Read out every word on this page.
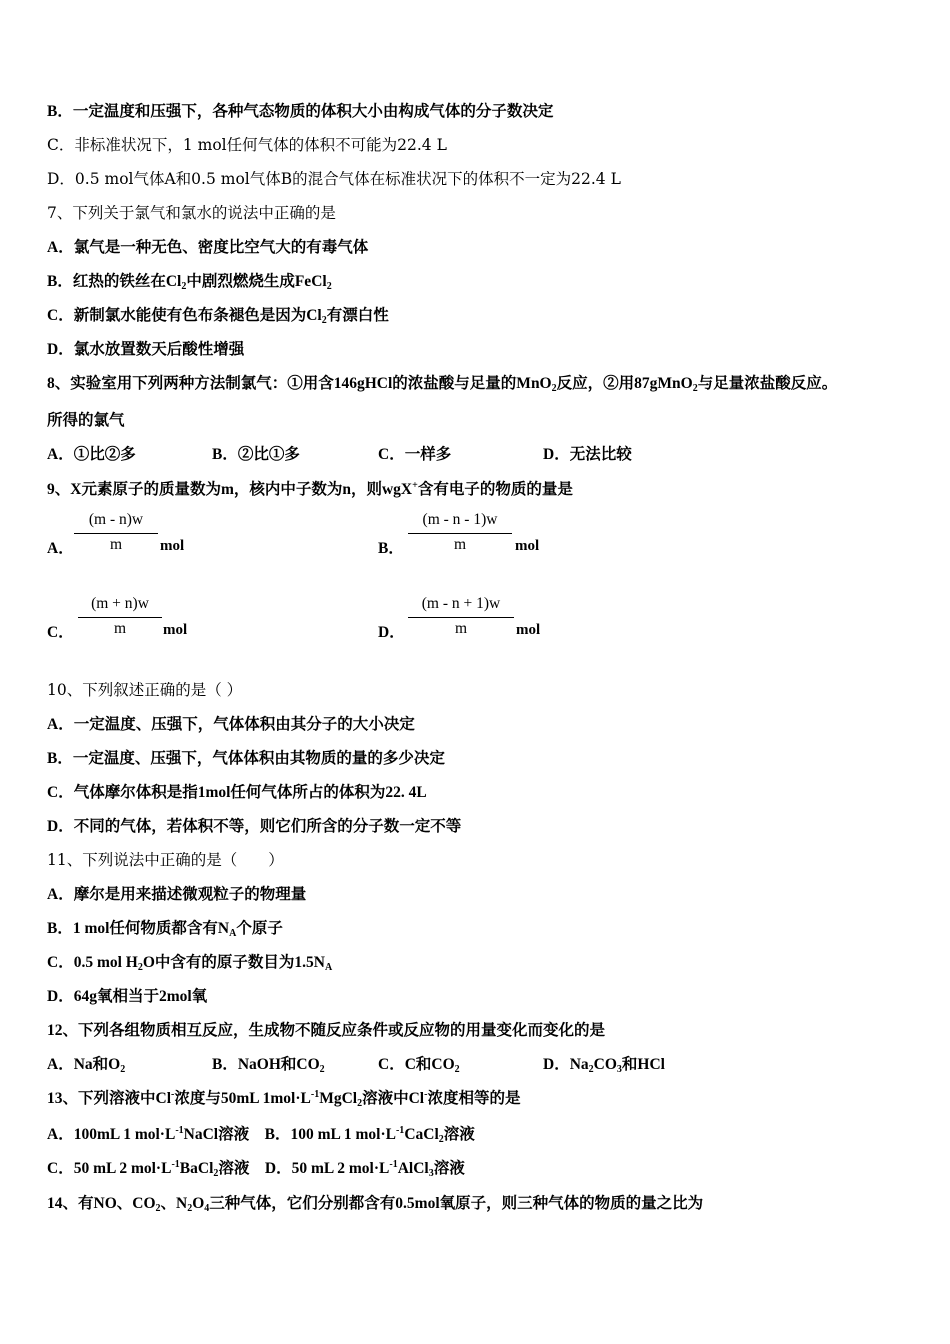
B．一定温度和压强下，各种气态物质的体积大小由构成气体的分子数决定
C．非标准状况下，1 mol任何气体的体积不可能为22.4 L
D．0.5 mol气体A和0.5 mol气体B的混合气体在标准状况下的体积不一定为22.4 L
7、下列关于氯气和氯水的说法中正确的是
A．氯气是一种无色、密度比空气大的有毒气体
B．红热的铁丝在$Cl_2$中剧烈燃烧生成FeCl$_2$
C．新制氯水能使有色布条褪色是因为$Cl_2$有漂白性
D．氯水放置数天后酸性增强
8、实验室用下列两种方法制氯气：①用含146gHCl的浓盐酸与足量的MnO$_2$反应，②用87gMnO$_2$与足量浓盐酸反应。
所得的氯气
A．①比②多	B．②比①多	C．一样多	D．无法比较
9、X元素原子的质量数为m，核内中子数为n，则wgX+含有电子的物质的量是
A．
(m - n)w
m	mol	B．
(m - n - 1)w
m	mol
C．
(m + n)w
m	mol	D．
(m - n + 1)w
m	mol
10、下列叙述正确的是（ ）
A．一定温度、压强下，气体体积由其分子的大小决定
B．一定温度、压强下，气体体积由其物质的量的多少决定
C．气体摩尔体积是指1mol任何气体所占的体积为22. 4L
D．不同的气体，若体积不等，则它们所含的分子数一定不等
11、下列说法中正确的是（　　）
A．摩尔是用来描述微观粒子的物理量
B．1 mol任何物质都含有$N_A$个原子
C．0.5 mol $H_2O$中含有的原子数目为$1.5N_A$
D．64g氧相当于2mol氧
12、下列各组物质相互反应，生成物不随反应条件或反应物的用量变化而变化的是
A．Na和$O_2$	B．NaOH和$CO_2$	C．C和$CO_2$	D．$Na_2CO_3$和HCl
13、下列溶液中Cl-浓度与50mL $1mol\cdot L^{-1}MgCl_2$溶液中Cl-浓度相等的是
A．100mL 1 $mol\cdot L^{-1}NaCl$溶液 B．100 mL 1 $mol\cdot L^{-1}CaCl_2$溶液
C．50 mL 2 $mol\cdot L^{-1}BaCl_2$溶液 D．50 mL 2 $mol\cdot L^{-1}AlCl_3$溶液
14、有NO、$CO_2$、$N_2O_4$三种气体，它们分别都含有0.5mol氧原子，则三种气体的物质的量之比为
